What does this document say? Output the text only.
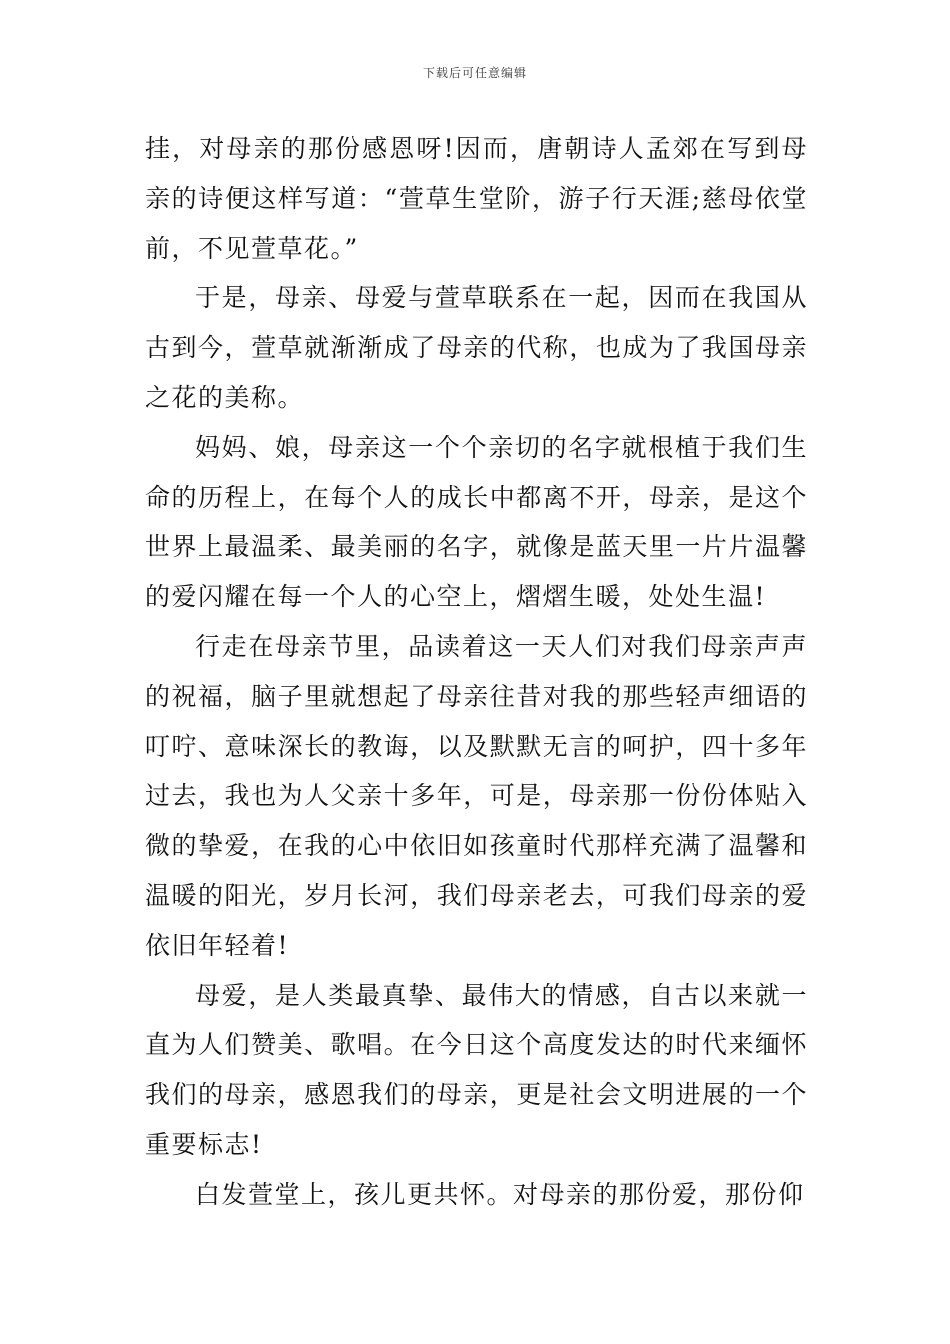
下载后可任意编辑

挂，对母亲的那份感恩呀!因而，唐朝诗人孟郊在写到母亲的诗便这样写道：“萱草生堂阶，游子行天涯;慈母依堂前，不见萱草花。”

于是，母亲、母爱与萱草联系在一起，因而在我国从古到今，萱草就渐渐成了母亲的代称，也成为了我国母亲之花的美称。

妈妈、娘，母亲这一个个亲切的名字就根植于我们生命的历程上，在每个人的成长中都离不开，母亲，是这个世界上最温柔、最美丽的名字，就像是蓝天里一片片温馨的爱闪耀在每一个人的心空上，熠熠生暖，处处生温!

行走在母亲节里，品读着这一天人们对我们母亲声声的祝福，脑子里就想起了母亲往昔对我的那些轻声细语的叮咛、意味深长的教诲，以及默默无言的呵护，四十多年过去，我也为人父亲十多年，可是，母亲那一份份体贴入微的挚爱，在我的心中依旧如孩童时代那样充满了温馨和温暖的阳光，岁月长河，我们母亲老去，可我们母亲的爱依旧年轻着!

母爱，是人类最真挚、最伟大的情感，自古以来就一直为人们赞美、歌唱。在今日这个高度发达的时代来缅怀我们的母亲，感恩我们的母亲，更是社会文明进展的一个重要标志!

白发萱堂上，孩儿更共怀。对母亲的那份爱，那份仰
